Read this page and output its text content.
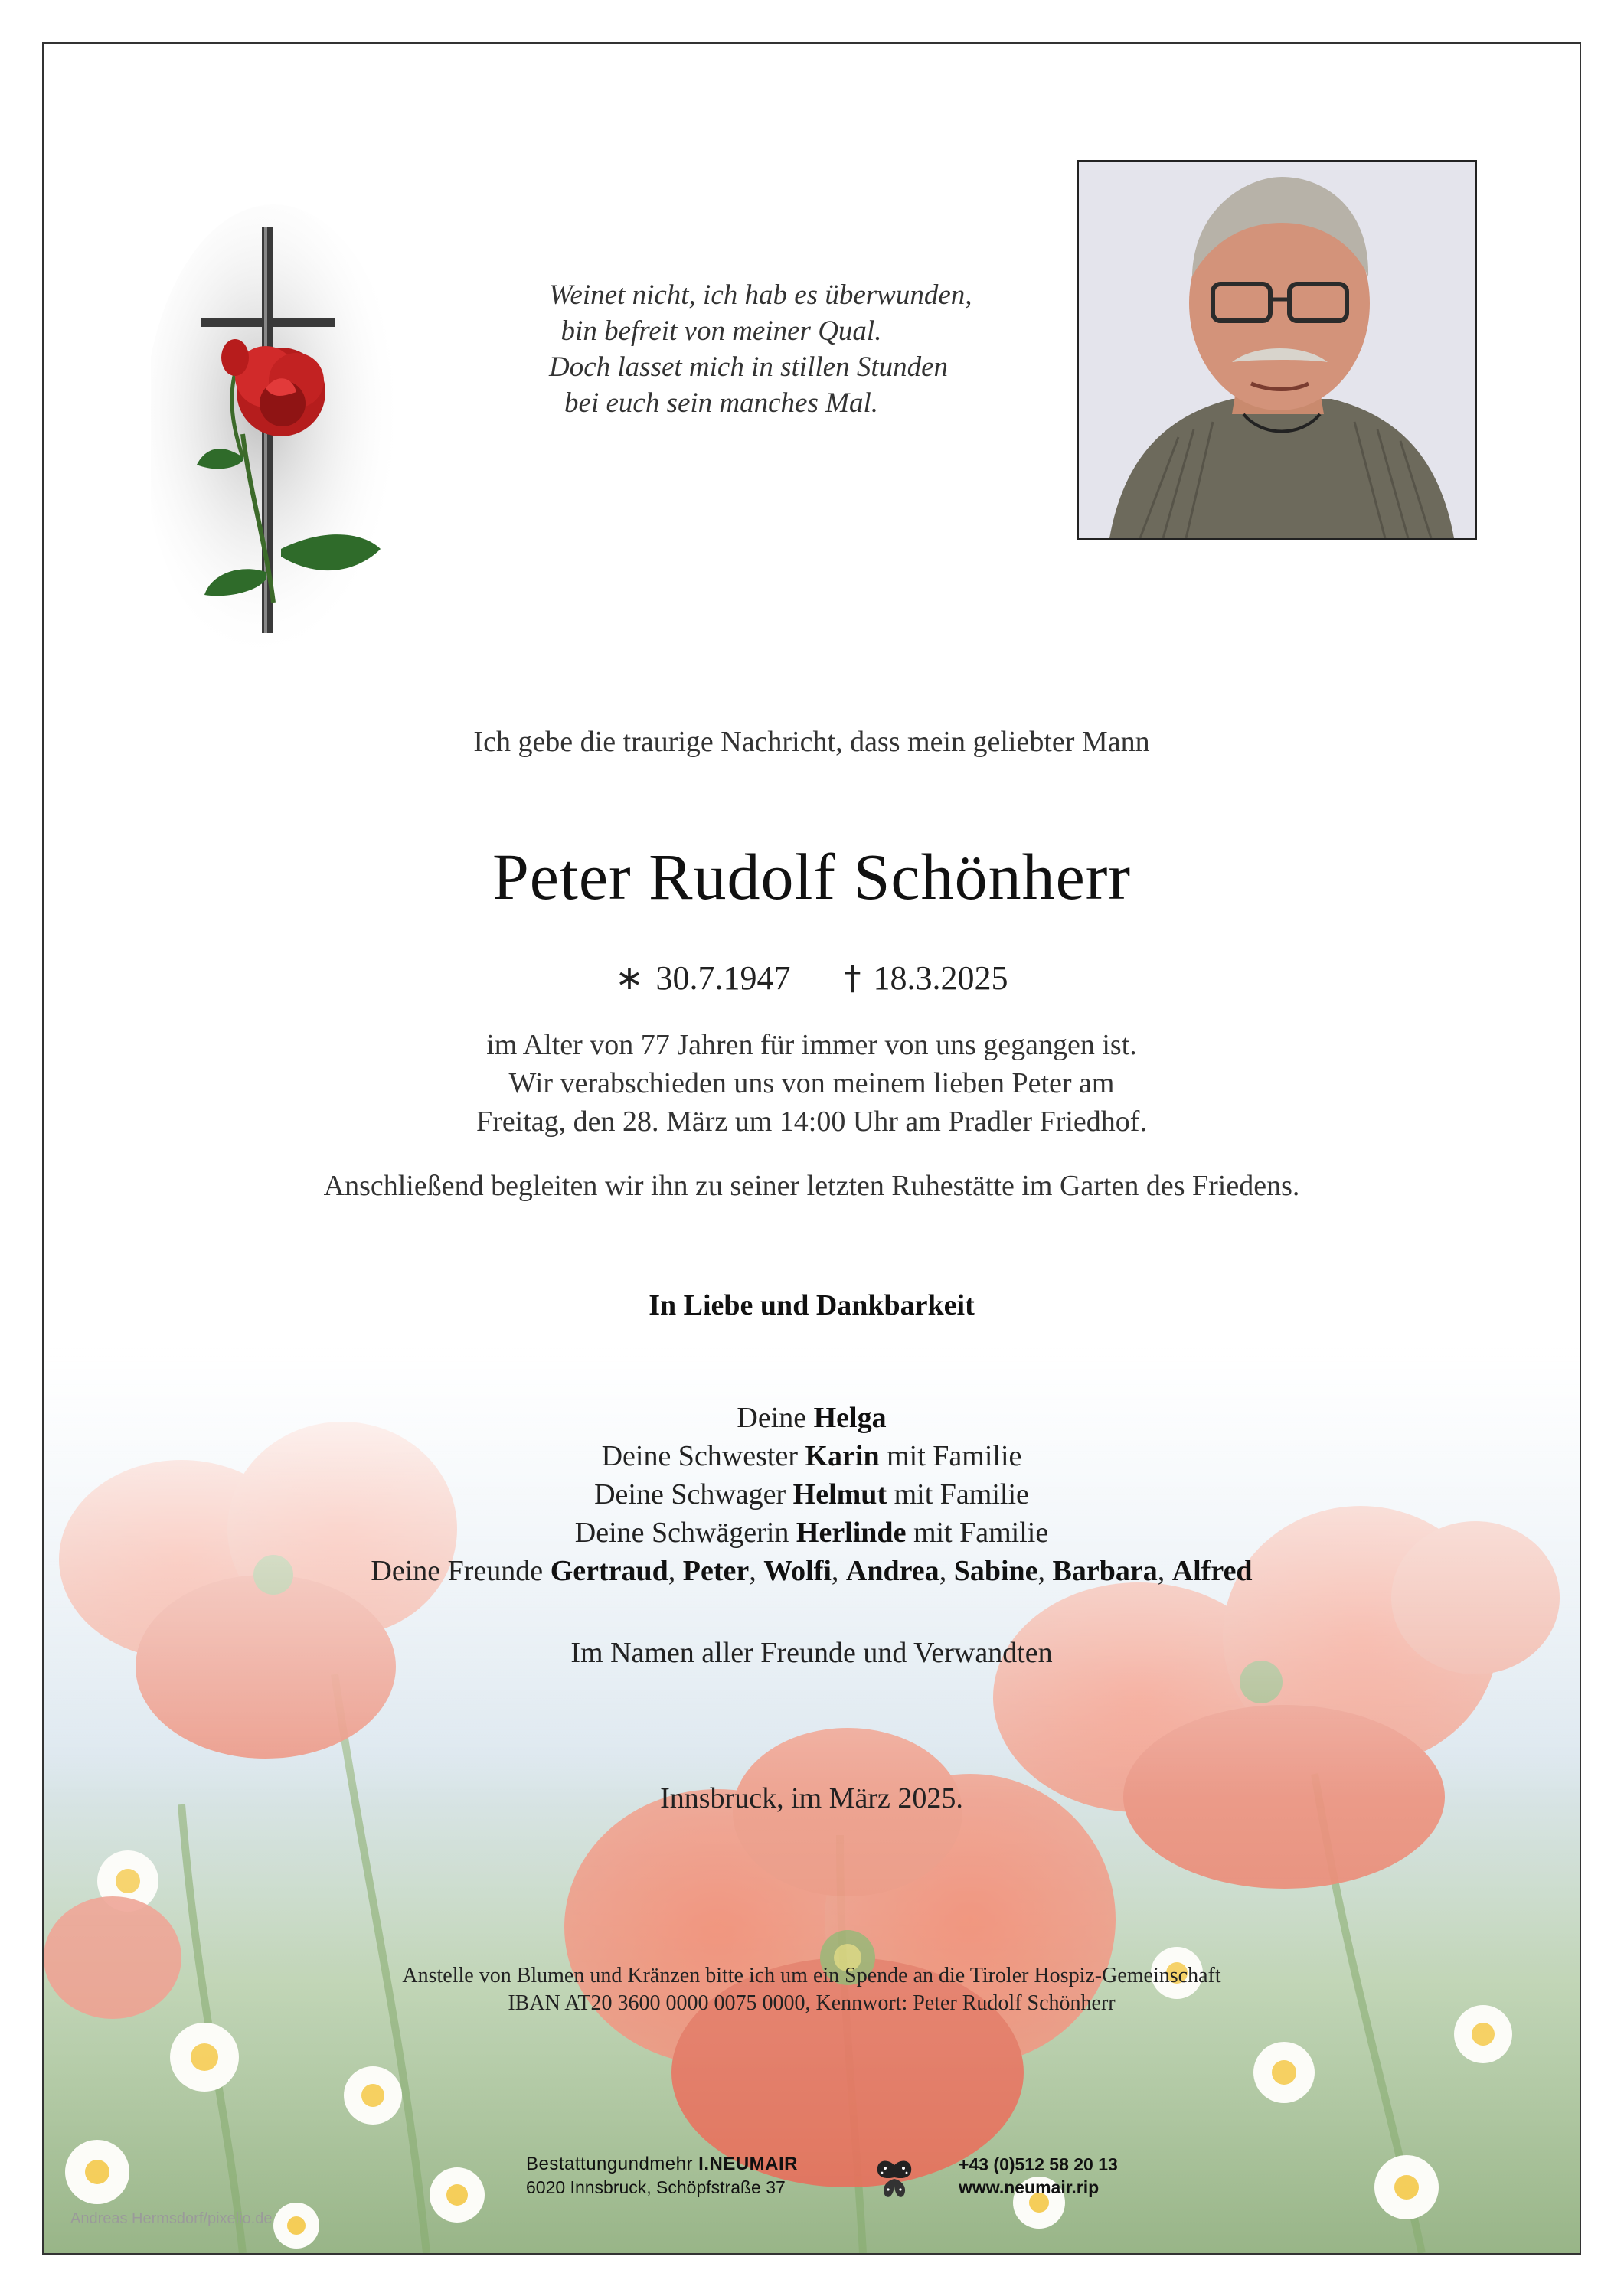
Weinet nicht, ich hab es überwunden,
bin befreit von meiner Qual.
Doch lasset mich in stillen Stunden
bei euch sein manches Mal.
Ich gebe die traurige Nachricht, dass mein geliebter Mann
Peter Rudolf Schönherr
∗ 30.7.1947 † 18.3.2025
im Alter von 77 Jahren für immer von uns gegangen ist.
Wir verabschieden uns von meinem lieben Peter am
Freitag, den 28. März um 14:00 Uhr am Pradler Friedhof.
Anschließend begleiten wir ihn zu seiner letzten Ruhestätte im Garten des Friedens.
In Liebe und Dankbarkeit
Deine Helga
Deine Schwester Karin mit Familie
Deine Schwager Helmut mit Familie
Deine Schwägerin Herlinde mit Familie
Deine Freunde Gertraud, Peter, Wolfi, Andrea, Sabine, Barbara, Alfred
Im Namen aller Freunde und Verwandten
Innsbruck, im März 2025.
Anstelle von Blumen und Kränzen bitte ich um ein Spende an die Tiroler Hospiz-Gemeinschaft
IBAN AT20 3600 0000 0075 0000, Kennwort: Peter Rudolf Schönherr
Bestattungundmehr I.NEUMAIR
6020 Innsbruck, Schöpfstraße 37
+43 (0)512 58 20 13
www.neumair.rip
Andreas Hermsdorf/pixelio.de
